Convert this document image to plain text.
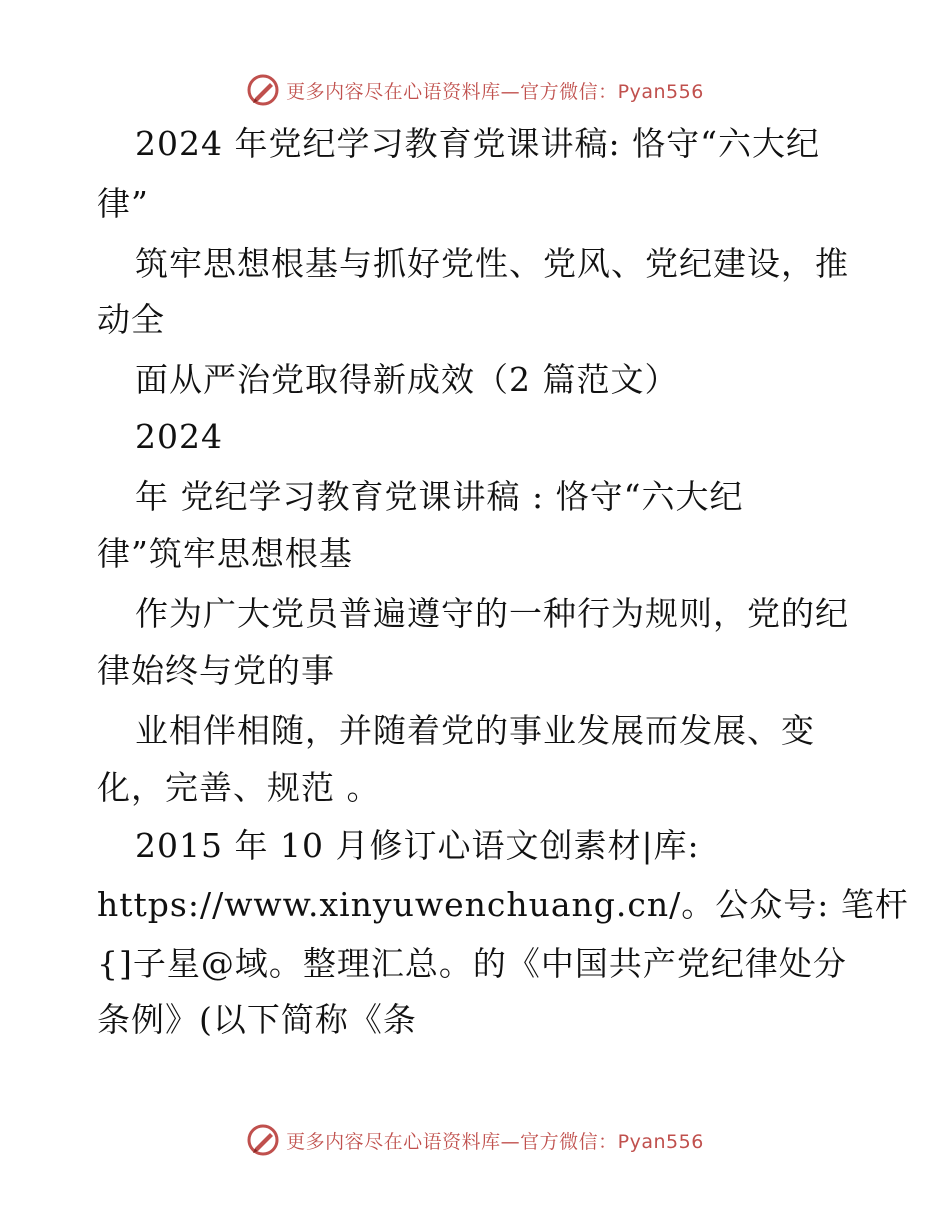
更多内容尽在心语资料库—官方微信：Pyan556
2024 年党纪学习教育党课讲稿: 恪守“六大纪
律”
筑牢思想根基与抓好党性、党风、党纪建设，推
动全
面从严治党取得新成效（2 篇范文）
2024
年 党纪学习教育党课讲稿 : 恪守“六大纪
律”筑牢思想根基
作为广大党员普遍遵守的一种行为规则，党的纪
律始终与党的事
业相伴相随，并随着党的事业发展而发展、变
化，完善、规范 。
2015 年 10 月修订心语文创素材|库:
https://www.xinyuwenchuang.cn/。公众号: 笔杆
{]子星@域。整理汇总。的《中国共产党纪律处分
条例》(以下简称《条
更多内容尽在心语资料库—官方微信：Pyan556
